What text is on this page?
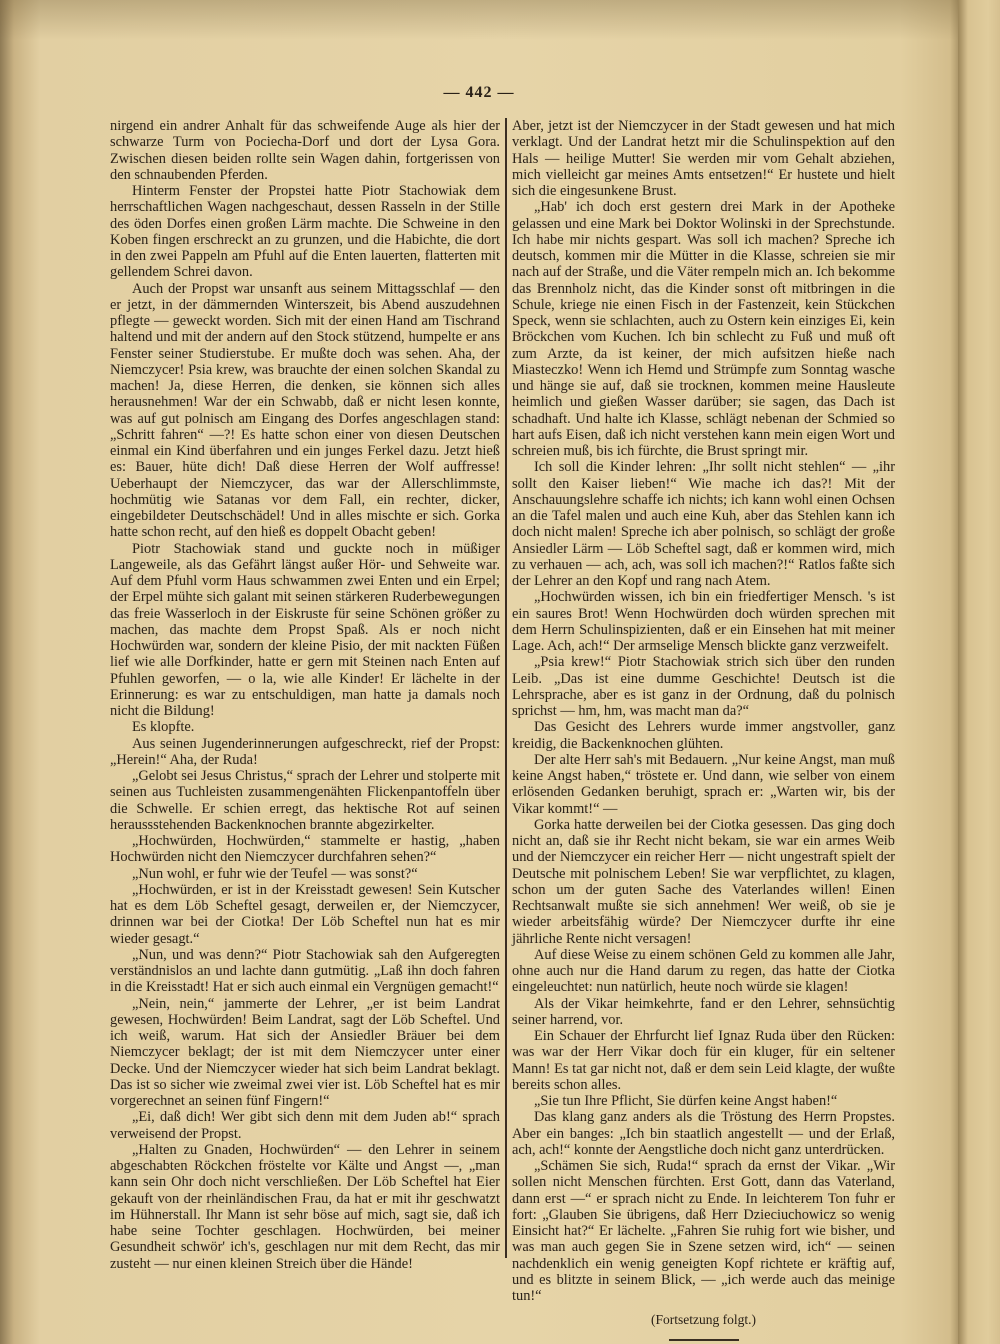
— 442 —

nirgend ein andrer Anhalt für das schweifende Auge als hier der schwarze Turm von Pociecha-Dorf und dort der Lysa Gora. Zwischen diesen beiden rollte sein Wagen dahin, fortgerissen von den schnaubenden Pferden.

Hinterm Fenster der Propstei hatte Piotr Stachowiak dem herrschaftlichen Wagen nachgeschaut, dessen Rasseln in der Stille des öden Dorfes einen großen Lärm machte. Die Schweine in den Koben fingen erschreckt an zu grunzen, und die Habichte, die dort in den zwei Pappeln am Pfuhl auf die Enten lauerten, flatterten mit gellendem Schrei davon.

Auch der Propst war unsanft aus seinem Mittagsschlaf — den er jetzt, in der dämmernden Winterszeit, bis Abend auszudehnen pflegte — geweckt worden. Sich mit der einen Hand am Tischrand haltend und mit der andern auf den Stock stützend, humpelte er ans Fenster seiner Studierstube. Er mußte doch was sehen. Aha, der Niemczycer! Psia krew, was brauchte der einen solchen Skandal zu machen! Ja, diese Herren, die denken, sie können sich alles herausnehmen! War der ein Schwabb, daß er nicht lesen konnte, was auf gut polnisch am Eingang des Dorfes angeschlagen stand: „Schritt fahren“ —?! Es hatte schon einer von diesen Deutschen einmal ein Kind überfahren und ein junges Ferkel dazu. Jetzt hieß es: Bauer, hüte dich! Daß diese Herren der Wolf auffresse! Ueberhaupt der Niemczycer, das war der Allerschlimmste, hochmütig wie Satanas vor dem Fall, ein rechter, dicker, eingebildeter Deutschschädel! Und in alles mischte er sich. Gorka hatte schon recht, auf den hieß es doppelt Obacht geben!

Piotr Stachowiak stand und guckte noch in müßiger Langeweile, als das Gefährt längst außer Hör- und Sehweite war. Auf dem Pfuhl vorm Haus schwammen zwei Enten und ein Erpel; der Erpel mühte sich galant mit seinen stärkeren Ruderbewegungen das freie Wasserloch in der Eiskruste für seine Schönen größer zu machen, das machte dem Propst Spaß. Als er noch nicht Hochwürden war, sondern der kleine Pisio, der mit nackten Füßen lief wie alle Dorfkinder, hatte er gern mit Steinen nach Enten auf Pfuhlen geworfen, — o la, wie alle Kinder! Er lächelte in der Erinnerung: es war zu entschuldigen, man hatte ja damals noch nicht die Bildung!

Es klopfte.

Aus seinen Jugenderinnerungen aufgeschreckt, rief der Propst: „Herein!“ Aha, der Ruda!

„Gelobt sei Jesus Christus,“ sprach der Lehrer und stolperte mit seinen aus Tuchleisten zusammengenähten Flickenpantoffeln über die Schwelle. Er schien erregt, das hektische Rot auf seinen heraussstehenden Backenknochen brannte abgezirkelter.

„Hochwürden, Hochwürden,“ stammelte er hastig, „haben Hochwürden nicht den Niemczycer durchfahren sehen?“

„Nun wohl, er fuhr wie der Teufel — was sonst?“

„Hochwürden, er ist in der Kreisstadt gewesen! Sein Kutscher hat es dem Löb Scheftel gesagt, derweilen er, der Niemczycer, drinnen war bei der Ciotka! Der Löb Scheftel nun hat es mir wieder gesagt.“

„Nun, und was denn?“ Piotr Stachowiak sah den Aufgeregten verständnislos an und lachte dann gutmütig. „Laß ihn doch fahren in die Kreisstadt! Hat er sich auch einmal ein Vergnügen gemacht!“

„Nein, nein,“ jammerte der Lehrer, „er ist beim Landrat gewesen, Hochwürden! Beim Landrat, sagt der Löb Scheftel. Und ich weiß, warum. Hat sich der Ansiedler Bräuer bei dem Niemczycer beklagt; der ist mit dem Niemczycer unter einer Decke. Und der Niemczycer wieder hat sich beim Landrat beklagt. Das ist so sicher wie zweimal zwei vier ist. Löb Scheftel hat es mir vorgerechnet an seinen fünf Fingern!“

„Ei, daß dich! Wer gibt sich denn mit dem Juden ab!“ sprach verweisend der Propst.

„Halten zu Gnaden, Hochwürden“ — den Lehrer in seinem abgeschabten Röckchen fröstelte vor Kälte und Angst —, „man kann sein Ohr doch nicht verschließen. Der Löb Scheftel hat Eier gekauft von der rheinländischen Frau, da hat er mit ihr geschwatzt im Hühnerstall. Ihr Mann ist sehr böse auf mich, sagt sie, daß ich habe seine Tochter geschlagen. Hochwürden, bei meiner Gesundheit schwör' ich's, geschlagen nur mit dem Recht, das mir zusteht — nur einen kleinen Streich über die Hände!

Aber, jetzt ist der Niemczycer in der Stadt gewesen und hat mich verklagt. Und der Landrat hetzt mir die Schulinspektion auf den Hals — heilige Mutter! Sie werden mir vom Gehalt abziehen, mich vielleicht gar meines Amts entsetzen!“ Er hustete und hielt sich die eingesunkene Brust.

„Hab' ich doch erst gestern drei Mark in der Apotheke gelassen und eine Mark bei Doktor Wolinski in der Sprechstunde. Ich habe mir nichts gespart. Was soll ich machen? Spreche ich deutsch, kommen mir die Mütter in die Klasse, schreien sie mir nach auf der Straße, und die Väter rempeln mich an. Ich bekomme das Brennholz nicht, das die Kinder sonst oft mitbringen in die Schule, kriege nie einen Fisch in der Fastenzeit, kein Stückchen Speck, wenn sie schlachten, auch zu Ostern kein einziges Ei, kein Bröckchen vom Kuchen. Ich bin schlecht zu Fuß und muß oft zum Arzte, da ist keiner, der mich aufsitzen hieße nach Miasteczko! Wenn ich Hemd und Strümpfe zum Sonntag wasche und hänge sie auf, daß sie trocknen, kommen meine Hausleute heimlich und gießen Wasser darüber; sie sagen, das Dach ist schadhaft. Und halte ich Klasse, schlägt nebenan der Schmied so hart aufs Eisen, daß ich nicht verstehen kann mein eigen Wort und schreien muß, bis ich fürchte, die Brust springt mir.

Ich soll die Kinder lehren: „Ihr sollt nicht stehlen“ — „ihr sollt den Kaiser lieben!“ Wie mache ich das?! Mit der Anschauungslehre schaffe ich nichts; ich kann wohl einen Ochsen an die Tafel malen und auch eine Kuh, aber das Stehlen kann ich doch nicht malen! Spreche ich aber polnisch, so schlägt der große Ansiedler Lärm — Löb Scheftel sagt, daß er kommen wird, mich zu verhauen — ach, ach, was soll ich machen?!“ Ratlos faßte sich der Lehrer an den Kopf und rang nach Atem.

„Hochwürden wissen, ich bin ein friedfertiger Mensch. 's ist ein saures Brot! Wenn Hochwürden doch würden sprechen mit dem Herrn Schulinspizienten, daß er ein Einsehen hat mit meiner Lage. Ach, ach!“ Der armselige Mensch blickte ganz verzweifelt.

„Psia krew!“ Piotr Stachowiak strich sich über den runden Leib. „Das ist eine dumme Geschichte! Deutsch ist die Lehrsprache, aber es ist ganz in der Ordnung, daß du polnisch sprichst — hm, hm, was macht man da?“

Das Gesicht des Lehrers wurde immer angstvoller, ganz kreidig, die Backenknochen glühten.

Der alte Herr sah's mit Bedauern. „Nur keine Angst, man muß keine Angst haben,“ tröstete er. Und dann, wie selber von einem erlösenden Gedanken beruhigt, sprach er: „Warten wir, bis der Vikar kommt!“ —

Gorka hatte derweilen bei der Ciotka gesessen. Das ging doch nicht an, daß sie ihr Recht nicht bekam, sie war ein armes Weib und der Niemczycer ein reicher Herr — nicht ungestraft spielt der Deutsche mit polnischem Leben! Sie war verpflichtet, zu klagen, schon um der guten Sache des Vaterlandes willen! Einen Rechtsanwalt mußte sie sich annehmen! Wer weiß, ob sie je wieder arbeitsfähig würde? Der Niemczycer durfte ihr eine jährliche Rente nicht versagen!

Auf diese Weise zu einem schönen Geld zu kommen alle Jahr, ohne auch nur die Hand darum zu regen, das hatte der Ciotka eingeleuchtet: nun natürlich, heute noch würde sie klagen!

Als der Vikar heimkehrte, fand er den Lehrer, sehnsüchtig seiner harrend, vor.

Ein Schauer der Ehrfurcht lief Ignaz Ruda über den Rücken: was war der Herr Vikar doch für ein kluger, für ein seltener Mann! Es tat gar nicht not, daß er dem sein Leid klagte, der wußte bereits schon alles.

„Sie tun Ihre Pflicht, Sie dürfen keine Angst haben!“

Das klang ganz anders als die Tröstung des Herrn Propstes. Aber ein banges: „Ich bin staatlich angestellt — und der Erlaß, ach, ach!“ konnte der Aengstliche doch nicht ganz unterdrücken.

„Schämen Sie sich, Ruda!“ sprach da ernst der Vikar. „Wir sollen nicht Menschen fürchten. Erst Gott, dann das Vaterland, dann erst —“ er sprach nicht zu Ende. In leichterem Ton fuhr er fort: „Glauben Sie übrigens, daß Herr Dzieciuchowicz so wenig Einsicht hat?“ Er lächelte. „Fahren Sie ruhig fort wie bisher, und was man auch gegen Sie in Szene setzen wird, ich“ — seinen nachdenklich ein wenig geneigten Kopf richtete er kräftig auf, und es blitzte in seinem Blick, — „ich werde auch das meinige tun!“

(Fortsetzung folgt.)
